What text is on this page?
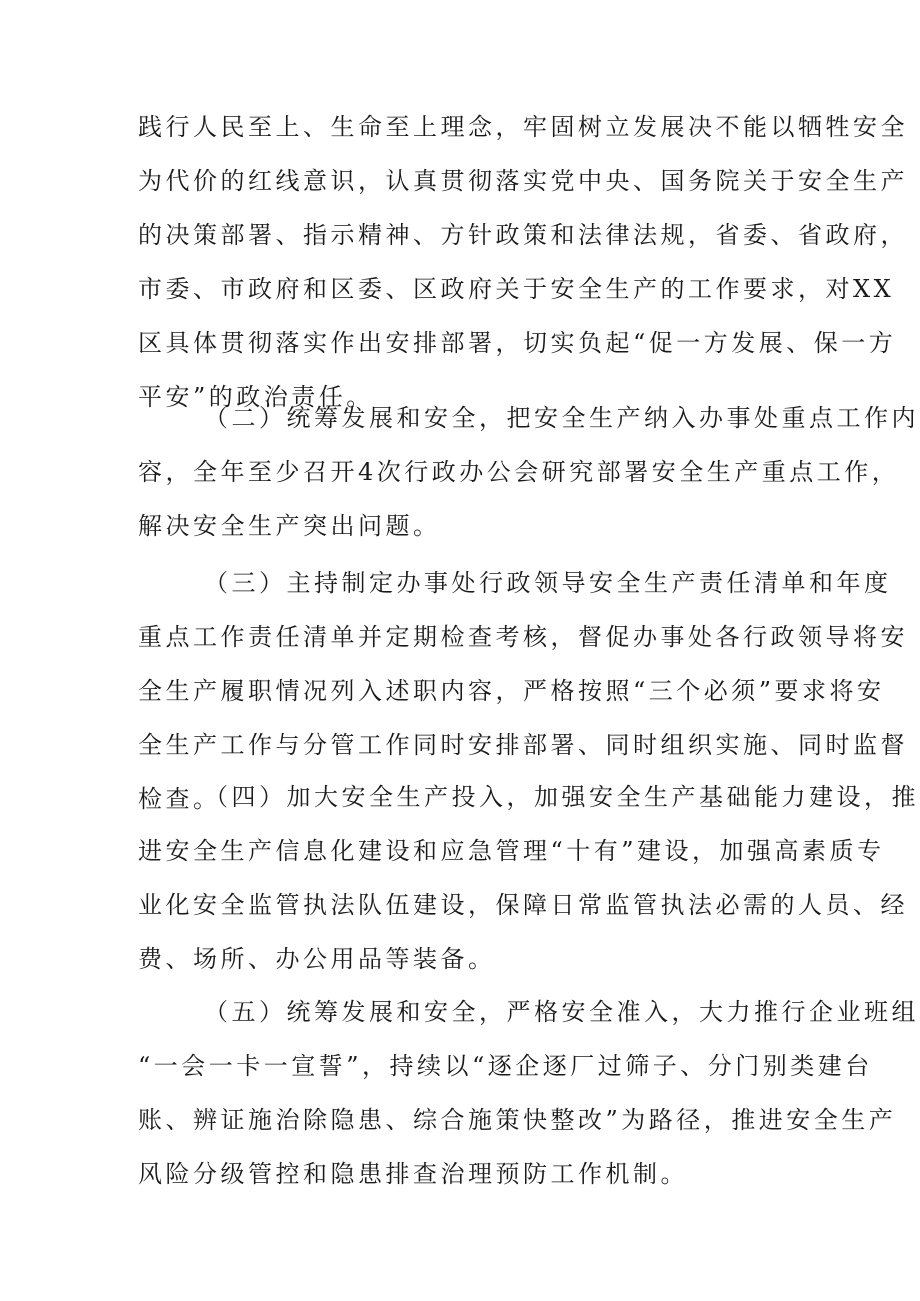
践行人民至上、生命至上理念，牢固树立发展决不能以牺牲安全
为代价的红线意识，认真贯彻落实党中央、国务院关于安全生产
的决策部署、指示精神、方针政策和法律法规，省委、省政府，
市委、市政府和区委、区政府关于安全生产的工作要求，对XX
区具体贯彻落实作出安排部署，切实负起“促一方发展、保一方
平安”的政治责任。
（二）统筹发展和安全，把安全生产纳入办事处重点工作内
容，全年至少召开4次行政办公会研究部署安全生产重点工作，
解决安全生产突出问题。
（三）主持制定办事处行政领导安全生产责任清单和年度
重点工作责任清单并定期检查考核，督促办事处各行政领导将安
全生产履职情况列入述职内容，严格按照“三个必须”要求将安
全生产工作与分管工作同时安排部署、同时组织实施、同时监督
检查。
（四）加大安全生产投入，加强安全生产基础能力建设，推
进安全生产信息化建设和应急管理“十有”建设，加强高素质专
业化安全监管执法队伍建设，保障日常监管执法必需的人员、经
费、场所、办公用品等装备。
（五）统筹发展和安全，严格安全准入，大力推行企业班组
“一会一卡一宣誓”，持续以“逐企逐厂过筛子、分门别类建台
账、辨证施治除隐患、综合施策快整改”为路径，推进安全生产
风险分级管控和隐患排查治理预防工作机制。
